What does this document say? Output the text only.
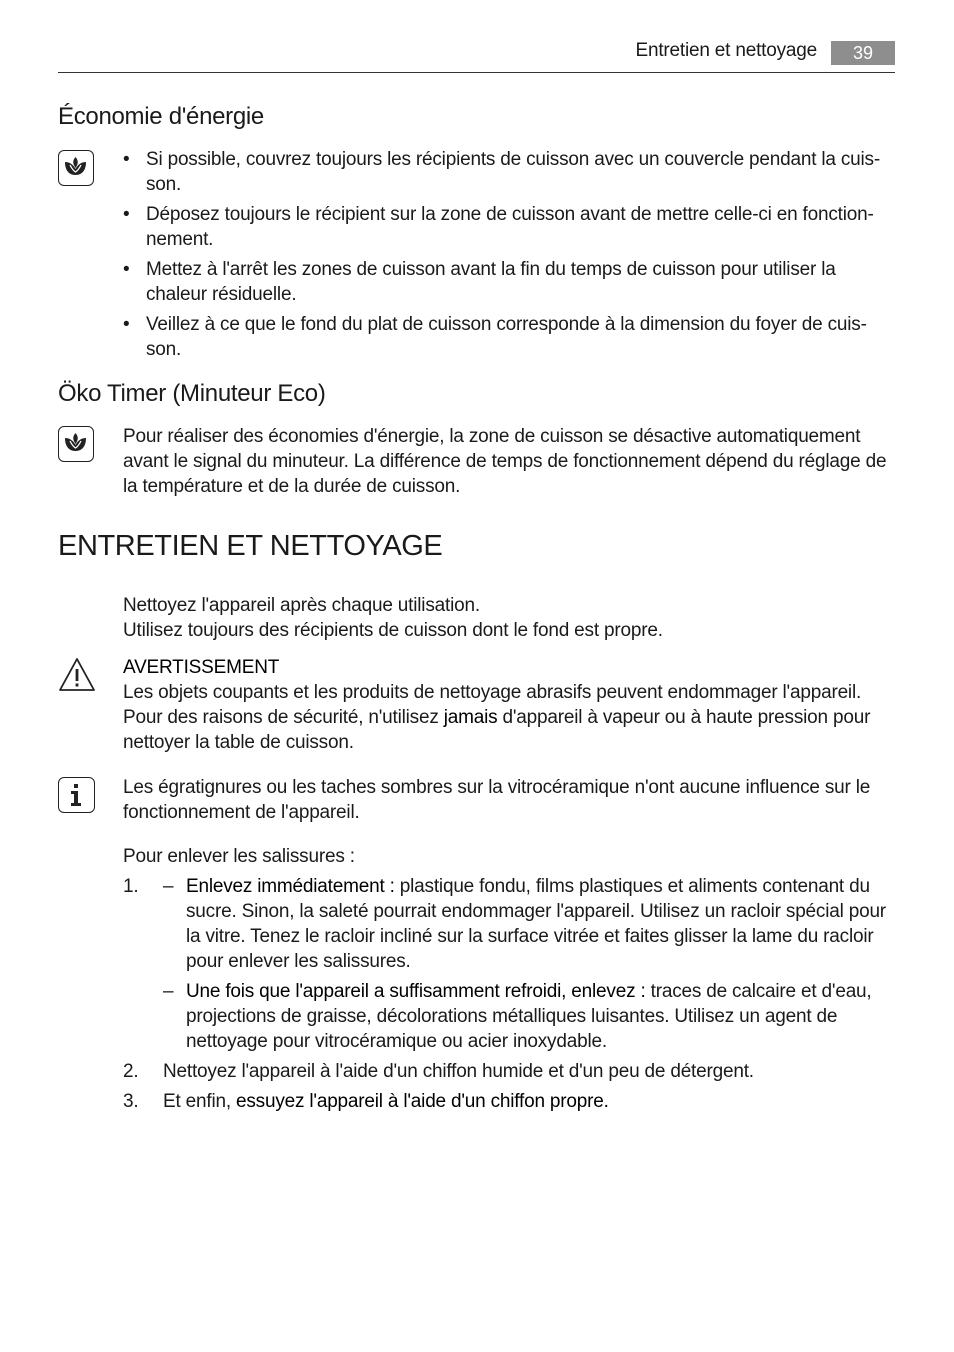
Entretien et nettoyage	39
Économie d'énergie
• Si possible, couvrez toujours les récipients de cuisson avec un couvercle pendant la cuis- son.
• Déposez toujours le récipient sur la zone de cuisson avant de mettre celle-ci en fonction- nement.
• Mettez à l'arrêt les zones de cuisson avant la fin du temps de cuisson pour utiliser la chaleur résiduelle.
• Veillez à ce que le fond du plat de cuisson corresponde à la dimension du foyer de cuis- son.
Öko Timer (Minuteur Eco)
Pour réaliser des économies d'énergie, la zone de cuisson se désactive automatiquement avant le signal du minuteur. La différence de temps de fonctionnement dépend du réglage de la température et de la durée de cuisson.
ENTRETIEN ET NETTOYAGE

Nettoyez l'appareil après chaque utilisation.

Utilisez toujours des récipients de cuisson dont le fond est propre.

AVERTISSEMENT

Les objets coupants et les produits de nettoyage abrasifs peuvent endommager l'appareil.

Pour des raisons de sécurité, n'utilisez jamais d'appareil à vapeur ou à haute pression pour nettoyer la table de cuisson.

Les égratignures ou les taches sombres sur la vitrocéramique n'ont aucune influence sur le fonctionnement de l'appareil.
Pour enlever les salissures :
1. – Enlevez immédiatement : plastique fondu, films plastiques et aliments contenant du sucre. Sinon, la saleté pourrait endommager l'appareil. Utilisez un racloir spécial pour la vitre. Tenez le racloir incliné sur la surface vitrée et faites glisser la lame du racloir pour enlever les salissures.
– Une fois que l'appareil a suffisamment refroidi, enlevez : traces de calcaire et d'eau, projections de graisse, décolorations métalliques luisantes. Utilisez un agent de nettoyage pour vitrocéramique ou acier inoxydable.
2. Nettoyez l'appareil à l'aide d'un chiffon humide et d'un peu de détergent.
3. Et enfin, essuyez l'appareil à l'aide d'un chiffon propre.
